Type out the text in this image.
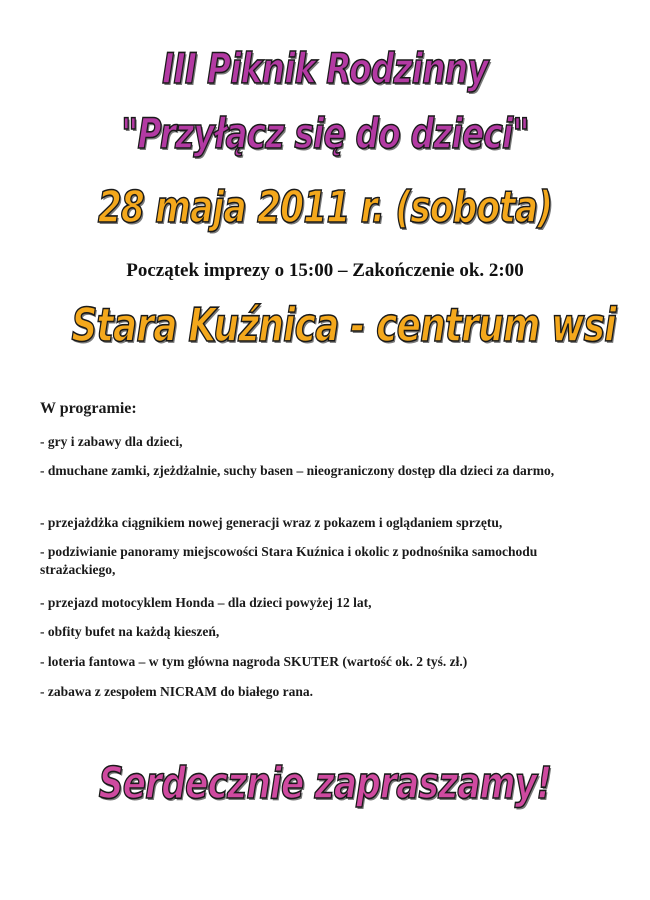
III Piknik Rodzinny
"Przyłącz się do dzieci"
28 maja 2011 r. (sobota)
Początek imprezy o 15:00 – Zakończenie ok. 2:00
Stara Kuźnica - centrum wsi
W programie:
- gry i zabawy dla dzieci,
- dmuchane zamki, zjeżdżalnie, suchy basen – nieograniczony dostęp dla dzieci za darmo,
- przejażdżka ciągnikiem nowej generacji wraz z pokazem i oglądaniem sprzętu,
- podziwianie panoramy miejscowości Stara Kuźnica i okolic z podnośnika samochodu strażackiego,
- przejazd motocyklem Honda – dla dzieci powyżej 12 lat,
- obfity bufet na każdą kieszeń,
- loteria fantowa – w tym główna nagroda SKUTER (wartość ok. 2 tyś. zł.)
- zabawa z zespołem NICRAM do białego rana.
Serdecznie zapraszamy!
